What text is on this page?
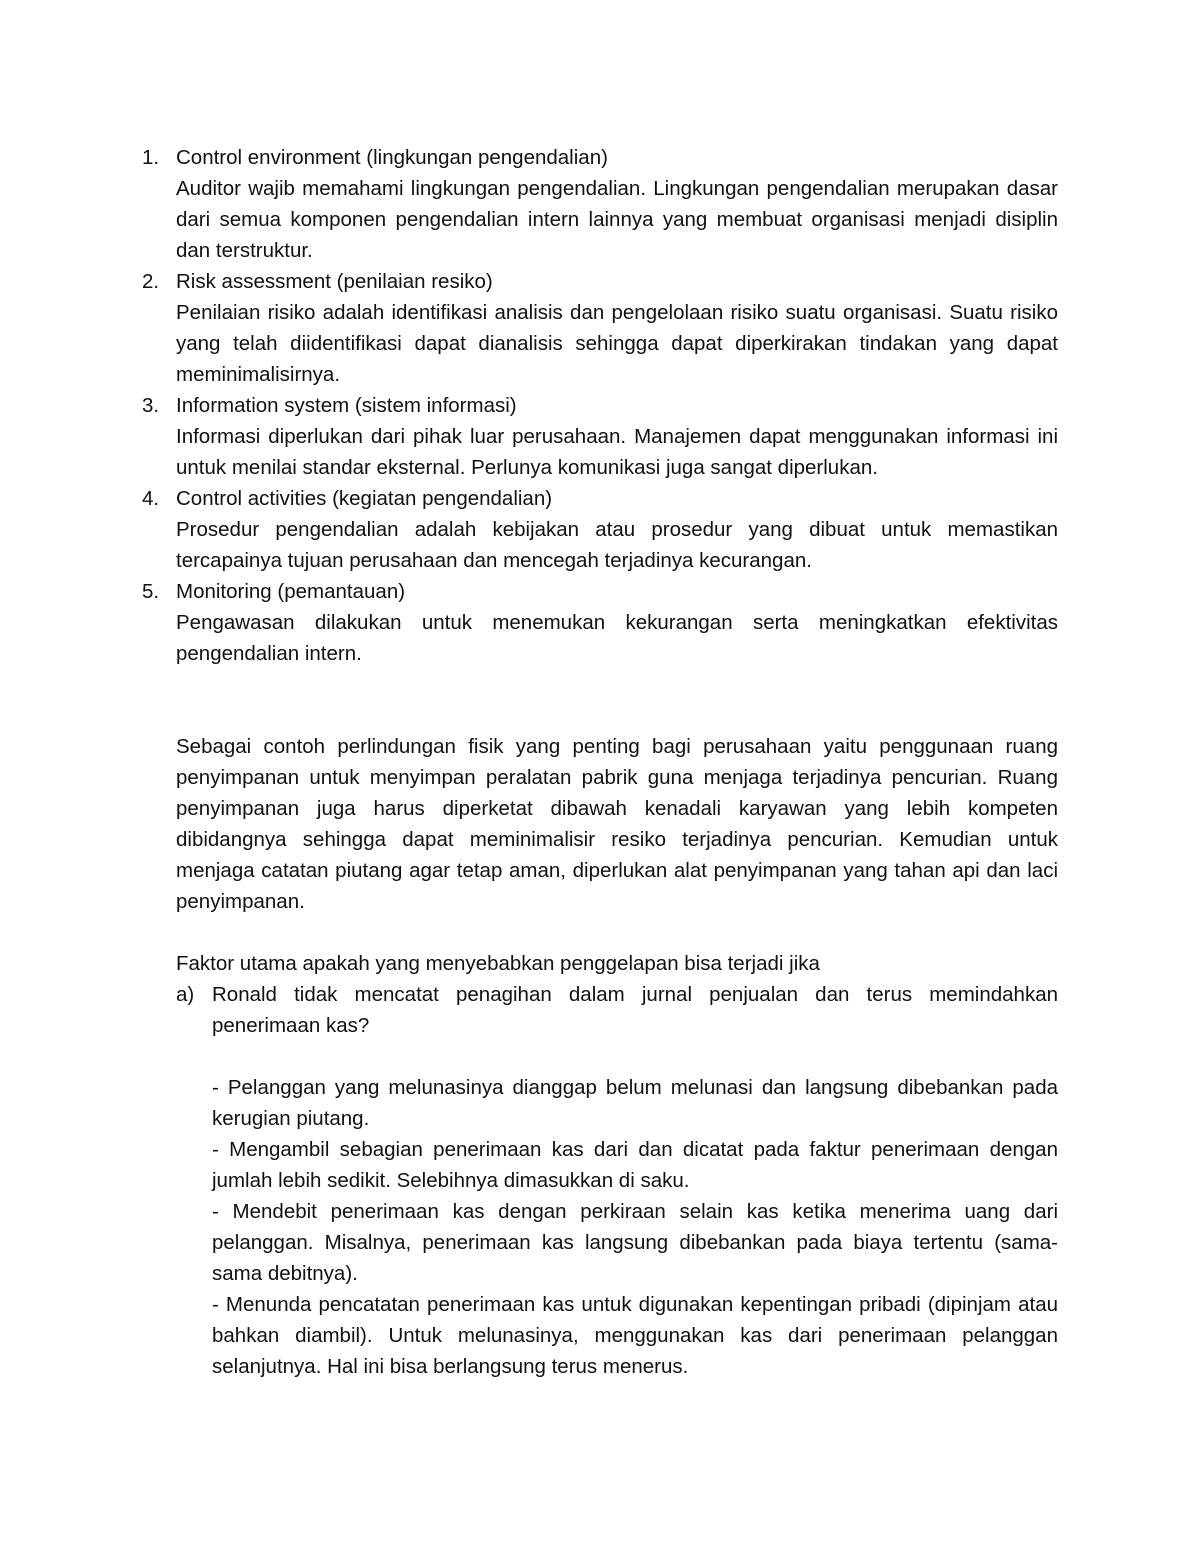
1. Control environment (lingkungan pengendalian)
Auditor wajib memahami lingkungan pengendalian. Lingkungan pengendalian merupakan dasar dari semua komponen pengendalian intern lainnya yang membuat organisasi menjadi disiplin dan terstruktur.
2. Risk assessment (penilaian resiko)
Penilaian risiko adalah identifikasi analisis dan pengelolaan risiko suatu organisasi. Suatu risiko yang telah diidentifikasi dapat dianalisis sehingga dapat diperkirakan tindakan yang dapat meminimalisirnya.
3. Information system (sistem informasi)
Informasi diperlukan dari pihak luar perusahaan. Manajemen dapat menggunakan informasi ini untuk menilai standar eksternal. Perlunya komunikasi juga sangat diperlukan.
4. Control activities (kegiatan pengendalian)
Prosedur pengendalian adalah kebijakan atau prosedur yang dibuat untuk memastikan tercapainya tujuan perusahaan dan mencegah terjadinya kecurangan.
5. Monitoring (pemantauan)
Pengawasan dilakukan untuk menemukan kekurangan serta meningkatkan efektivitas pengendalian intern.

Sebagai contoh perlindungan fisik yang penting bagi perusahaan yaitu penggunaan ruang penyimpanan untuk menyimpan peralatan pabrik guna menjaga terjadinya pencurian. Ruang penyimpanan juga harus diperketat dibawah kenadali karyawan yang lebih kompeten dibidangnya sehingga dapat meminimalisir resiko terjadinya pencurian. Kemudian untuk menjaga catatan piutang agar tetap aman, diperlukan alat penyimpanan yang tahan api dan laci penyimpanan.

Faktor utama apakah yang menyebabkan penggelapan bisa terjadi jika

a) Ronald tidak mencatat penagihan dalam jurnal penjualan dan terus memindahkan penerimaan kas?
- Pelanggan yang melunasinya dianggap belum melunasi dan langsung dibebankan pada kerugian piutang.
- Mengambil sebagian penerimaan kas dari dan dicatat pada faktur penerimaan dengan jumlah lebih sedikit. Selebihnya dimasukkan di saku.
- Mendebit penerimaan kas dengan perkiraan selain kas ketika menerima uang dari pelanggan. Misalnya, penerimaan kas langsung dibebankan pada biaya tertentu (sama-sama debitnya).
- Menunda pencatatan penerimaan kas untuk digunakan kepentingan pribadi (dipinjam atau bahkan diambil). Untuk melunasinya, menggunakan kas dari penerimaan pelanggan selanjutnya. Hal ini bisa berlangsung terus menerus.
